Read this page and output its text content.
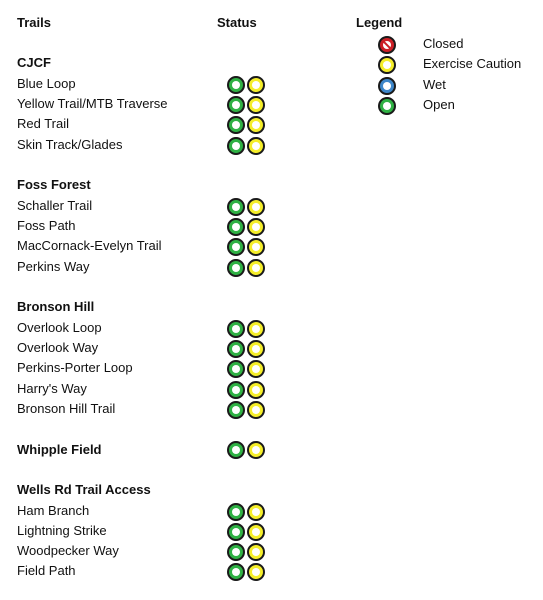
Trails	Status	Legend
Closed
Exercise Caution
Wet
Open
CJCF
Blue Loop
Yellow Trail/MTB Traverse
Red Trail
Skin Track/Glades
Foss Forest
Schaller Trail
Foss Path
MacCornack-Evelyn Trail
Perkins Way
Bronson Hill
Overlook Loop
Overlook Way
Perkins-Porter Loop
Harry's Way
Bronson Hill Trail
Whipple Field
Wells Rd Trail Access
Ham Branch
Lightning Strike
Woodpecker Way
Field Path
